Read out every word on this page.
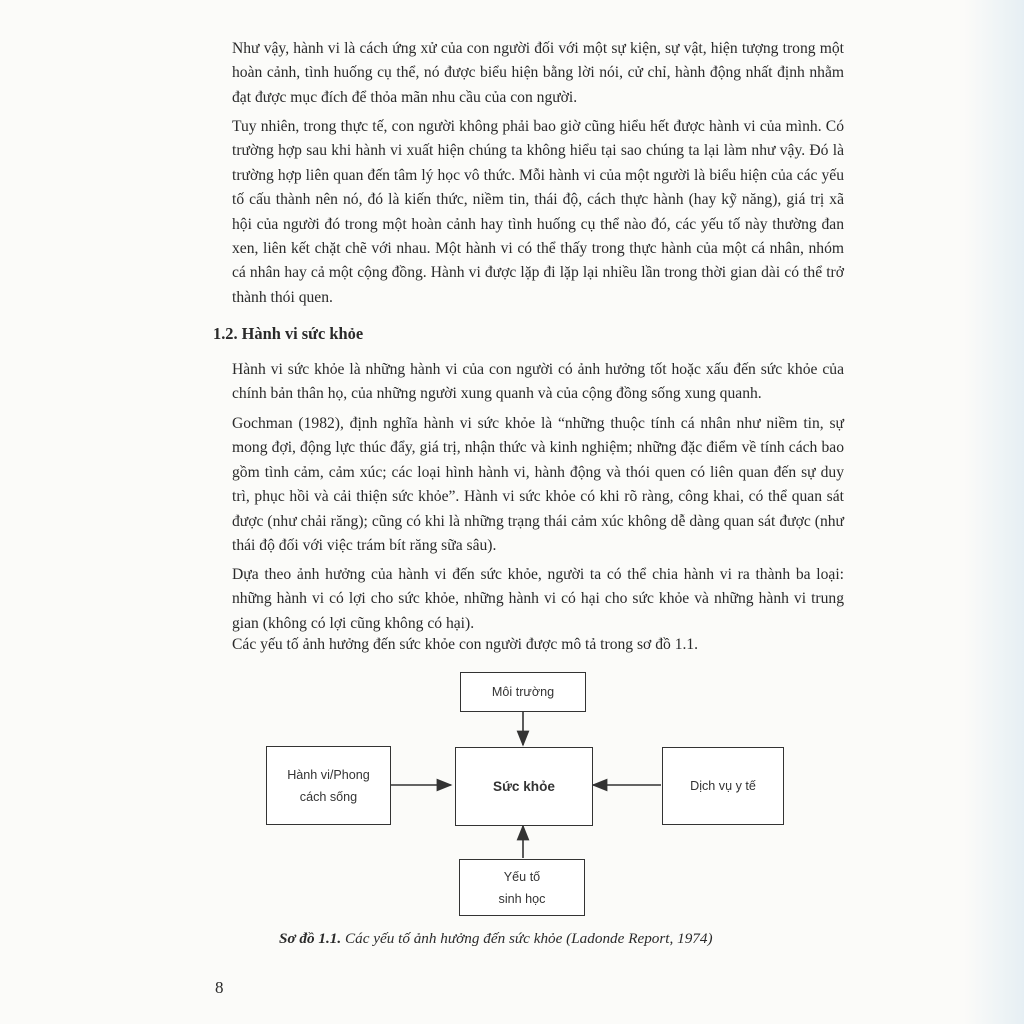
Như vậy, hành vi là cách ứng xử của con người đối với một sự kiện, sự vật, hiện tượng trong một hoàn cảnh, tình huống cụ thể, nó được biểu hiện bằng lời nói, cử chỉ, hành động nhất định nhằm đạt được mục đích để thỏa mãn nhu cầu của con người.

Tuy nhiên, trong thực tế, con người không phải bao giờ cũng hiểu hết được hành vi của mình. Có trường hợp sau khi hành vi xuất hiện chúng ta không hiểu tại sao chúng ta lại làm như vậy. Đó là trường hợp liên quan đến tâm lý học vô thức. Mỗi hành vi của một người là biểu hiện của các yếu tố cấu thành nên nó, đó là kiến thức, niềm tin, thái độ, cách thực hành (hay kỹ năng), giá trị xã hội của người đó trong một hoàn cảnh hay tình huống cụ thể nào đó, các yếu tố này thường đan xen, liên kết chặt chẽ với nhau. Một hành vi có thể thấy trong thực hành của một cá nhân, nhóm cá nhân hay cả một cộng đồng. Hành vi được lặp đi lặp lại nhiều lần trong thời gian dài có thể trở thành thói quen.

1.2. Hành vi sức khỏe

Hành vi sức khỏe là những hành vi của con người có ảnh hưởng tốt hoặc xấu đến sức khỏe của chính bản thân họ, của những người xung quanh và của cộng đồng sống xung quanh.

Gochman (1982), định nghĩa hành vi sức khỏe là “những thuộc tính cá nhân như niềm tin, sự mong đợi, động lực thúc đẩy, giá trị, nhận thức và kinh nghiệm; những đặc điểm về tính cách bao gồm tình cảm, cảm xúc; các loại hình hành vi, hành động và thói quen có liên quan đến sự duy trì, phục hồi và cải thiện sức khỏe”. Hành vi sức khỏe có khi rõ ràng, công khai, có thể quan sát được (như chải răng); cũng có khi là những trạng thái cảm xúc không dễ dàng quan sát được (như thái độ đối với việc trám bít răng sữa sâu).

Dựa theo ảnh hưởng của hành vi đến sức khỏe, người ta có thể chia hành vi ra thành ba loại: những hành vi có lợi cho sức khỏe, những hành vi có hại cho sức khỏe và những hành vi trung gian (không có lợi cũng không có hại).

Các yếu tố ảnh hưởng đến sức khỏe con người được mô tả trong sơ đồ 1.1.

Môi trường
Hành vi/Phong
cách sống
Sức khỏe	Dịch vụ y tế
Yếu tố
sinh học
Sơ đồ 1.1. Các yếu tố ảnh hưởng đến sức khỏe (Ladonde Report, 1974)
8
